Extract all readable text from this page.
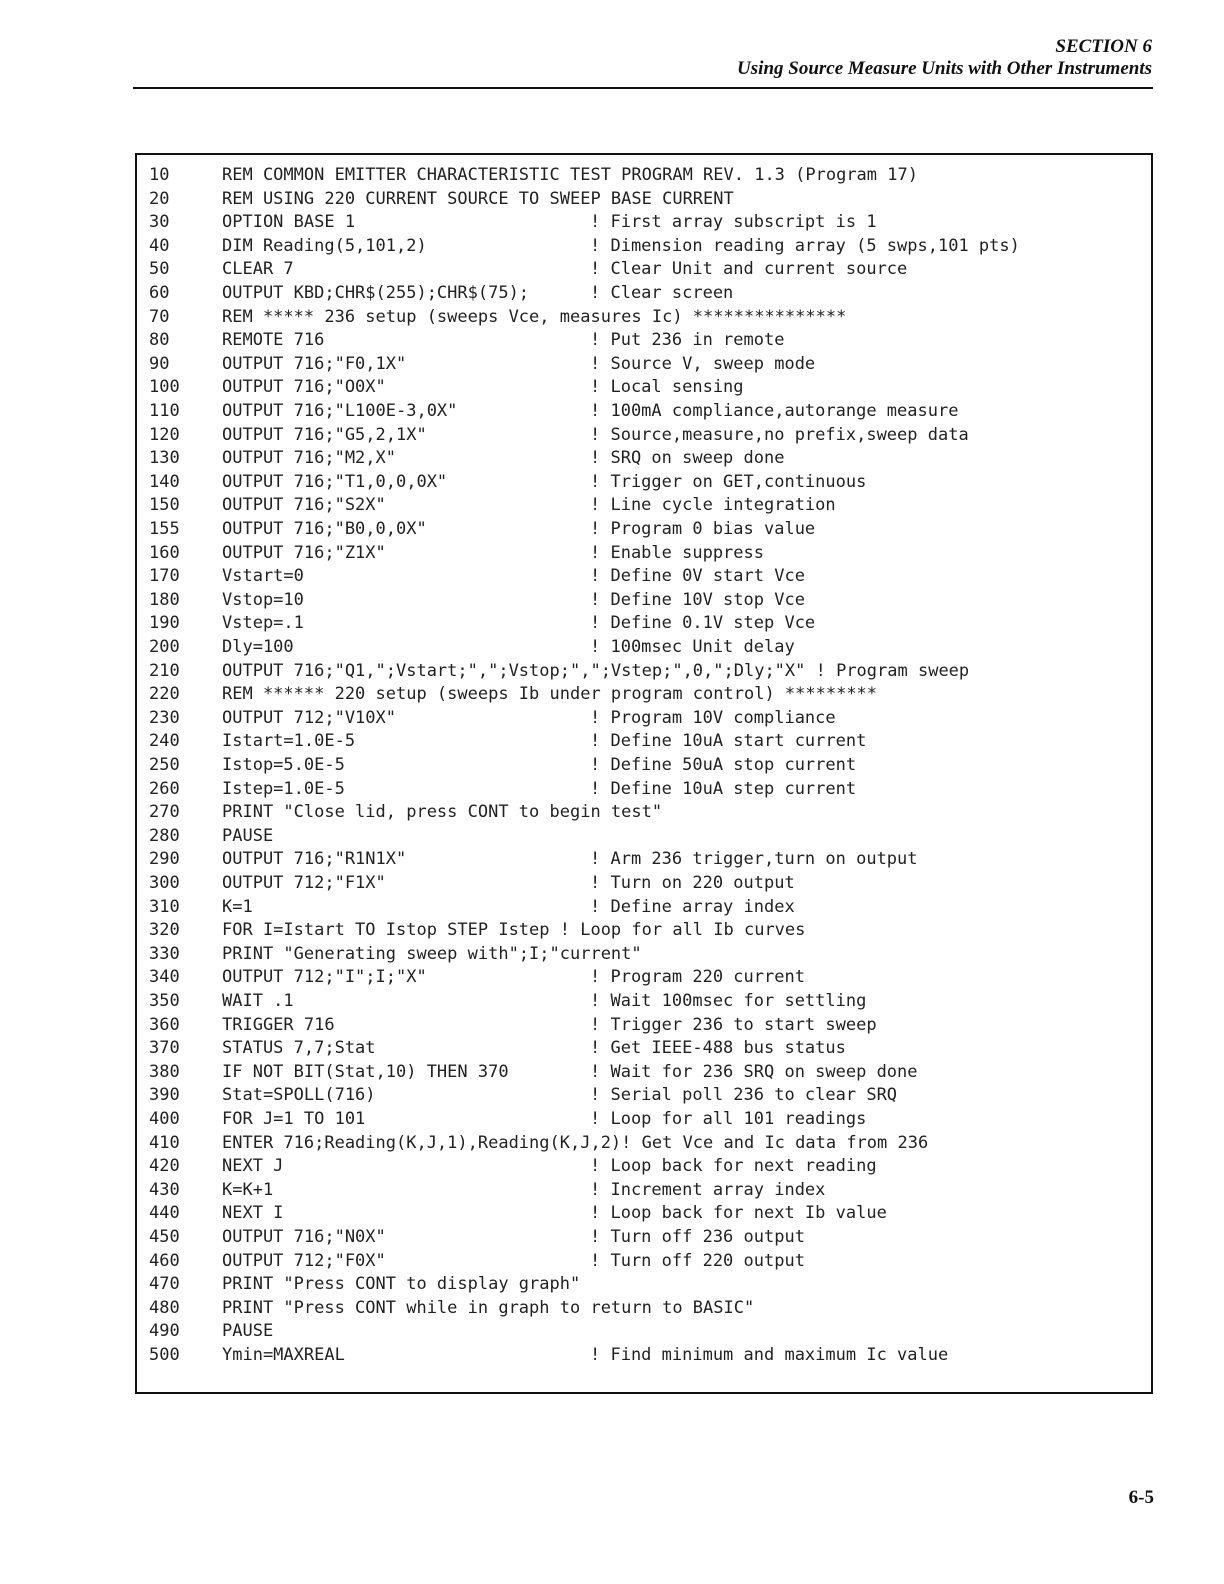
SECTION 6
Using Source Measure Units with Other Instruments
10	REM COMMON EMITTER CHARACTERISTIC TEST PROGRAM REV. 1.3 (Program 17)
20	REM USING 220 CURRENT SOURCE TO SWEEP BASE CURRENT
30	OPTION BASE 1	! First array subscript is 1
40	DIM Reading(5,101,2)	! Dimension reading array (5 swps,101 pts)
50	CLEAR 7	! Clear Unit and current source
60	OUTPUT KBD;CHR$(255);CHR$(75);	! Clear screen
70	REM ***** 236 setup (sweeps Vce, measures Ic) ***************
80	REMOTE 716	! Put 236 in remote
90	OUTPUT 716;"F0,1X"	! Source V, sweep mode
100 OUTPUT 716;"O0X"	! Local sensing
110 OUTPUT 716;"L100E-3,0X"	! 100mA compliance,autorange measure
120 OUTPUT 716;"G5,2,1X"	! Source,measure,no prefix,sweep data
130 OUTPUT 716;"M2,X"	! SRQ on sweep done
140 OUTPUT 716;"T1,0,0,0X"	! Trigger on GET,continuous
150 OUTPUT 716;"S2X"	! Line cycle integration
155 OUTPUT 716;"B0,0,0X"	! Program 0 bias value
160 OUTPUT 716;"Z1X"	! Enable suppress
170 Vstart=0	! Define 0V start Vce
180 Vstop=10	! Define 10V stop Vce
190 Vstep=.1	! Define 0.1V step Vce
200 Dly=100	! 100msec Unit delay
210 OUTPUT 716;"Q1,";Vstart;",";Vstop;",";Vstep;",0,";Dly;"X" ! Program sweep
220 REM ****** 220 setup (sweeps Ib under program control) *********
230 OUTPUT 712;"V10X"	! Program 10V compliance
240 Istart=1.0E-5	! Define 10uA start current
250 Istop=5.0E-5	! Define 50uA stop current
260 Istep=1.0E-5	! Define 10uA step current
270 PRINT "Close lid, press CONT to begin test"
280 PAUSE
290 OUTPUT 716;"R1N1X"	! Arm 236 trigger,turn on output
300 OUTPUT 712;"F1X"	! Turn on 220 output
310 K=1	! Define array index
320 FOR I=Istart TO Istop STEP Istep ! Loop for all Ib curves
330 PRINT "Generating sweep with";I;"current"
340 OUTPUT 712;"I";I;"X"	! Program 220 current
350 WAIT .1	! Wait 100msec for settling
360 TRIGGER 716	! Trigger 236 to start sweep
370 STATUS 7,7;Stat	! Get IEEE-488 bus status
380 IF NOT BIT(Stat,10) THEN 370	! Wait for 236 SRQ on sweep done
390 Stat=SPOLL(716)	! Serial poll 236 to clear SRQ
400 FOR J=1 TO 101	! Loop for all 101 readings
410 ENTER 716;Reading(K,J,1),Reading(K,J,2)! Get Vce and Ic data from 236
420 NEXT J	! Loop back for next reading
430 K=K+1	! Increment array index
440 NEXT I	! Loop back for next Ib value
450 OUTPUT 716;"N0X"	! Turn off 236 output
460 OUTPUT 712;"F0X"	! Turn off 220 output
470 PRINT "Press CONT to display graph"
480 PRINT "Press CONT while in graph to return to BASIC"
490 PAUSE
500 Ymin=MAXREAL	! Find minimum and maximum Ic value
6-5
